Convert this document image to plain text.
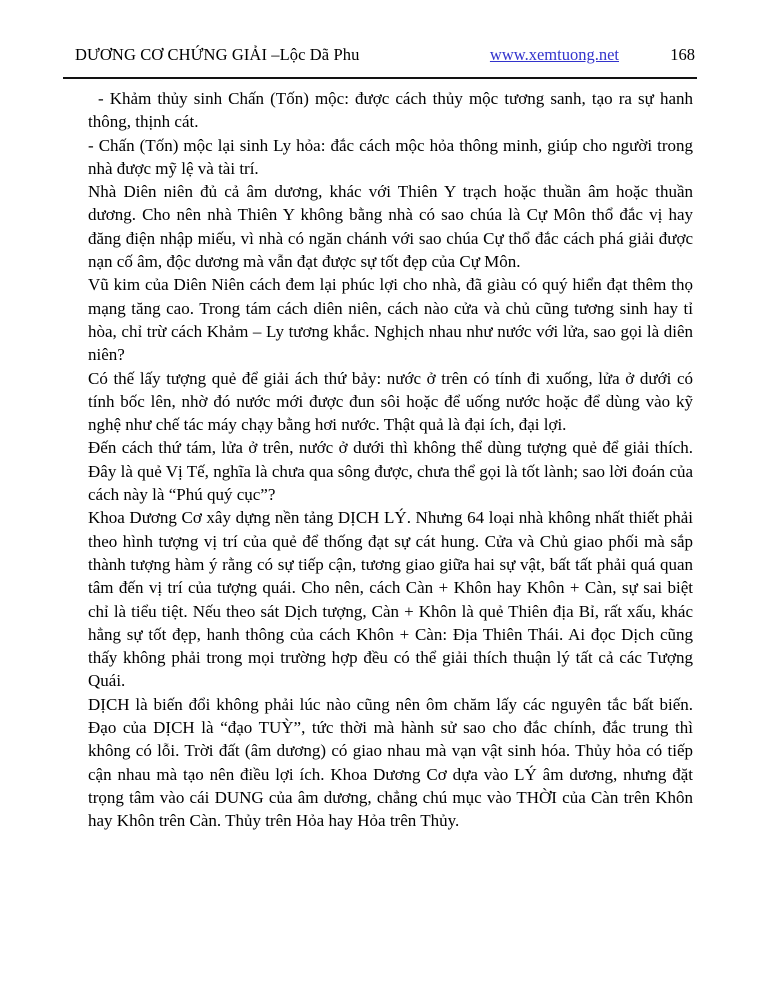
DƯƠNG CƠ CHỨNG GIẢI –Lộc Dã Phu	www.xemtuong.net	168

- Khảm thủy sinh Chấn (Tốn) mộc: được cách thủy mộc tương sanh, tạo ra sự hanh thông, thịnh cát.

- Chấn (Tốn) mộc lại sinh Ly hỏa: đắc cách mộc hỏa thông minh, giúp cho người trong nhà được mỹ lệ và tài trí.

Nhà Diên niên đủ cả âm dương, khác với Thiên Y trạch hoặc thuần âm hoặc thuần dương. Cho nên nhà Thiên Y không bằng nhà có sao chúa là Cự Môn thổ đắc vị hay đăng điện nhập miếu, vì nhà có ngăn chánh với sao chúa Cự thổ đắc cách phá giải được nạn cố âm, độc dương mà vẫn đạt được sự tốt đẹp của Cự Môn.

Vũ kim của Diên Niên cách đem lại phúc lợi cho nhà, đã giàu có quý hiển đạt thêm thọ mạng tăng cao. Trong tám cách diên niên, cách nào cửa và chủ cũng tương sinh hay tỉ hòa, chỉ trừ cách Khảm – Ly tương khắc. Nghịch nhau như nước với lửa, sao gọi là diên niên?

Có thế lấy tượng quẻ để giải ách thứ bảy: nước ở trên có tính đi xuống, lửa ở dưới có tính bốc lên, nhờ đó nước mới được đun sôi hoặc để uống nước hoặc để dùng vào kỹ nghệ như chế tác máy chạy bằng hơi nước. Thật quả là đại ích, đại lợi.

Đến cách thứ tám, lửa ở trên, nước ở dưới thì không thể dùng tượng quẻ để giải thích. Đây là quẻ Vị Tế, nghĩa là chưa qua sông được, chưa thể gọi là tốt lành; sao lời đoán của cách này là “Phú quý cục”?

Khoa Dương Cơ xây dựng nền tảng DỊCH LÝ. Nhưng 64 loại nhà không nhất thiết phải theo hình tượng vị trí của quẻ để thống đạt sự cát hung. Cửa và Chủ giao phối mà sắp thành tượng hàm ý rằng có sự tiếp cận, tương giao giữa hai sự vật, bất tất phải quá quan tâm đến vị trí của tượng quái. Cho nên, cách Càn + Khôn hay Khôn + Càn, sự sai biệt chỉ là tiểu tiệt. Nếu theo sát Dịch tượng, Càn + Khôn là quẻ Thiên địa Bỉ, rất xấu, khác hẳng sự tốt đẹp, hanh thông của cách Khôn + Càn: Địa Thiên Thái. Ai đọc Dịch cũng thấy không phải trong mọi trường hợp đều có thể giải thích thuận lý tất cả các Tượng Quái.

DỊCH là biến đổi không phải lúc nào cũng nên ôm chăm lấy các nguyên tắc bất biến. Đạo của DỊCH là “đạo TUỲ”, tức thời mà hành sử sao cho đắc chính, đắc trung thì không có lỗi. Trời đất (âm dương) có giao nhau mà vạn vật sinh hóa. Thủy hỏa có tiếp cận nhau mà tạo nên điều lợi ích. Khoa Dương Cơ dựa vào LÝ âm dương, nhưng đặt trọng tâm vào cái DUNG của âm dương, chẳng chú mục vào THỜI của Càn trên Khôn hay Khôn trên Càn. Thủy trên Hỏa hay Hỏa trên Thủy.
